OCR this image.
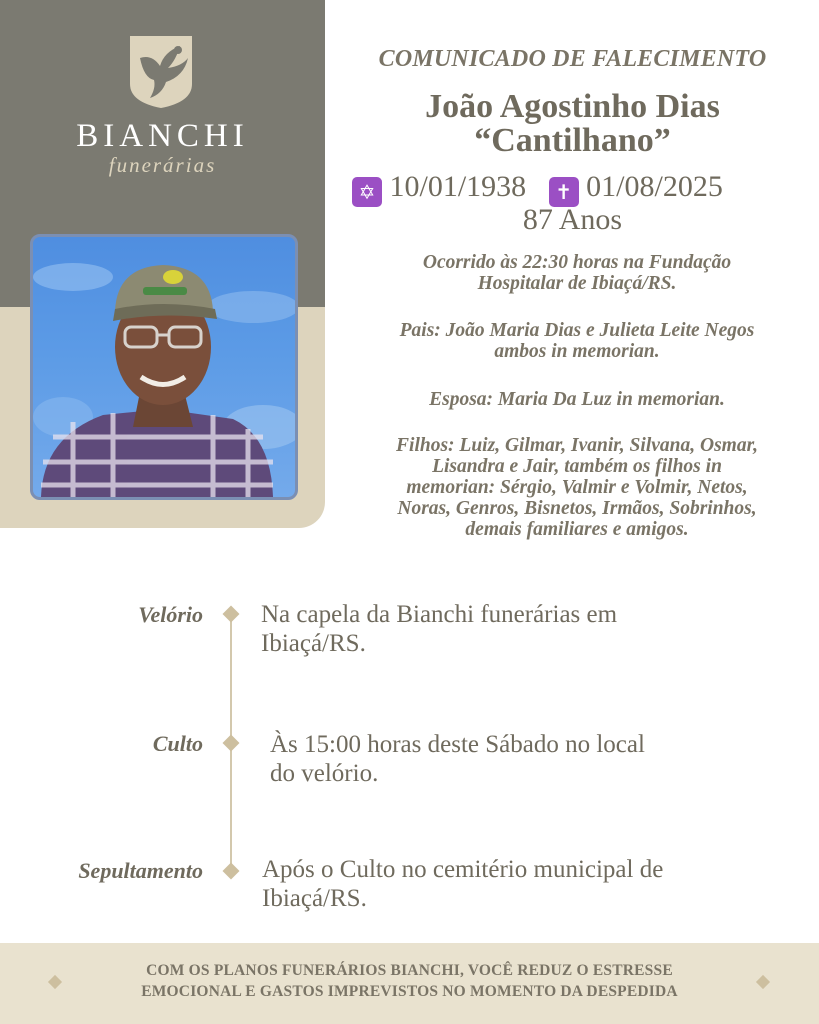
BIANCHI
funerárias
COMUNICADO DE FALECIMENTO
João Agostinho Dias
“Cantilhano”
✡ 10/01/1938 ✝ 01/08/2025
87 Anos
Ocorrido às 22:30 horas na Fundação
Hospitalar de Ibiaçá/RS.
Pais: João Maria Dias e Julieta Leite Negos
ambos in memorian.
Esposa: Maria Da Luz in memorian.
Filhos: Luiz, Gilmar, Ivanir, Silvana, Osmar,
Lisandra e Jair, também os filhos in
memorian: Sérgio, Valmir e Volmir, Netos,
Noras, Genros, Bisnetos, Irmãos, Sobrinhos,
demais familiares e amigos.
Velório Na capela da Bianchi funerárias em
Ibiaçá/RS.
Culto	Às 15:00 horas deste Sábado no local
do velório.
Sepultamento Após o Culto no cemitério municipal de
Ibiaçá/RS.
COM OS PLANOS FUNERÁRIOS BIANCHI, VOCÊ REDUZ O ESTRESSE
EMOCIONAL E GASTOS IMPREVISTOS NO MOMENTO DA DESPEDIDA
